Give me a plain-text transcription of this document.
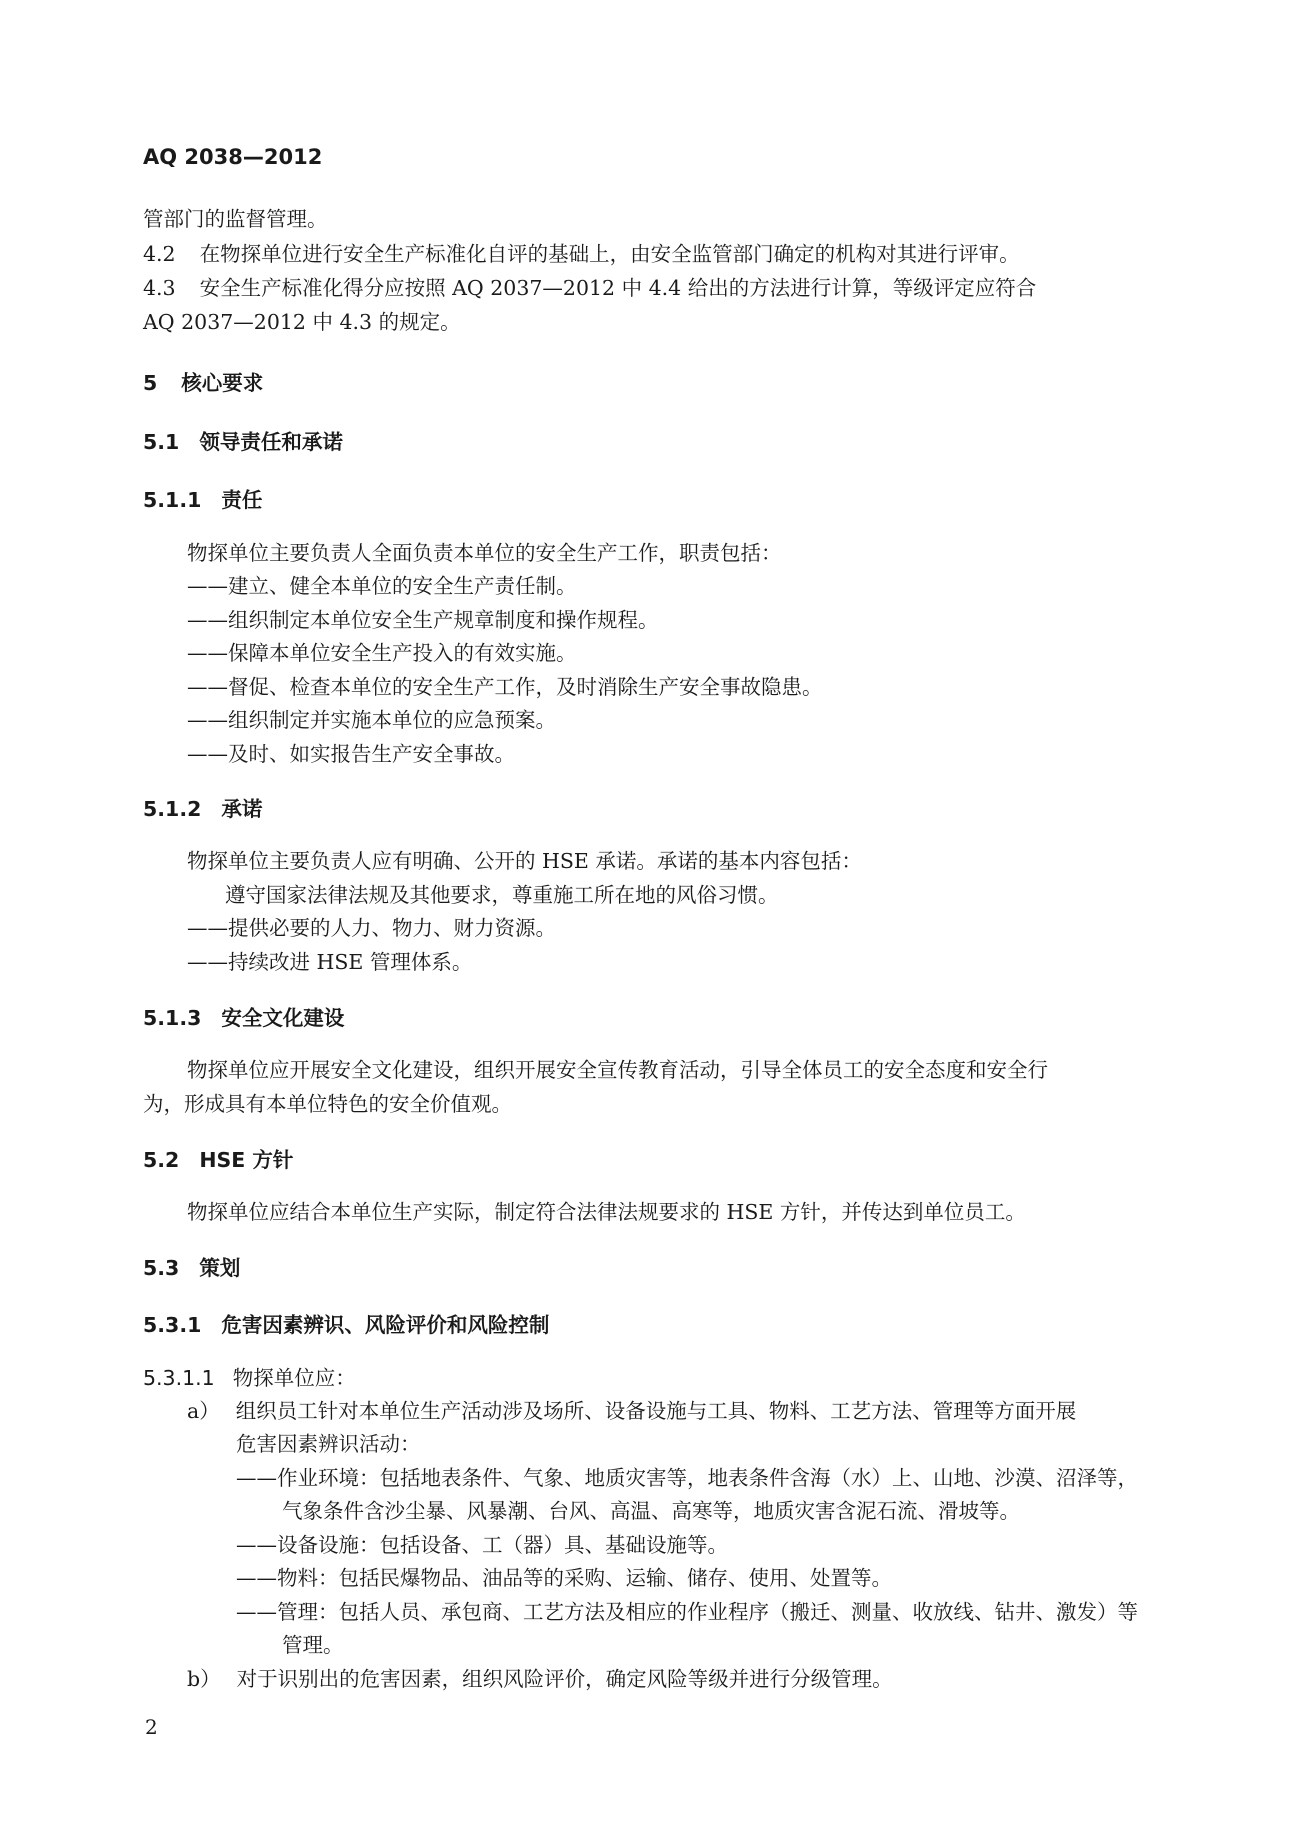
AQ 2038—2012
管部门的监督管理。
4.2 在物探单位进行安全生产标准化自评的基础上，由安全监管部门确定的机构对其进行评审。
4.3 安全生产标准化得分应按照 AQ 2037—2012 中 4.4 给出的方法进行计算，等级评定应符合
AQ 2037—2012 中 4.3 的规定。
5 核心要求
5.1 领导责任和承诺
5.1.1 责任
物探单位主要负责人全面负责本单位的安全生产工作，职责包括：
——建立、健全本单位的安全生产责任制。
——组织制定本单位安全生产规章制度和操作规程。
——保障本单位安全生产投入的有效实施。
——督促、检查本单位的安全生产工作，及时消除生产安全事故隐患。
——组织制定并实施本单位的应急预案。
——及时、如实报告生产安全事故。
5.1.2 承诺
物探单位主要负责人应有明确、公开的 HSE 承诺。承诺的基本内容包括：
遵守国家法律法规及其他要求，尊重施工所在地的风俗习惯。
——提供必要的人力、物力、财力资源。
——持续改进 HSE 管理体系。
5.1.3 安全文化建设
物探单位应开展安全文化建设，组织开展安全宣传教育活动，引导全体员工的安全态度和安全行
为，形成具有本单位特色的安全价值观。
5.2 HSE 方针
物探单位应结合本单位生产实际，制定符合法律法规要求的 HSE 方针，并传达到单位员工。
5.3 策划
5.3.1 危害因素辨识、风险评价和风险控制
5.3.1.1 物探单位应：
a） 组织员工针对本单位生产活动涉及场所、设备设施与工具、物料、工艺方法、管理等方面开展
危害因素辨识活动：
——作业环境：包括地表条件、气象、地质灾害等，地表条件含海（水）上、山地、沙漠、沼泽等，
气象条件含沙尘暴、风暴潮、台风、高温、高寒等，地质灾害含泥石流、滑坡等。
——设备设施：包括设备、工（器）具、基础设施等。
——物料：包括民爆物品、油品等的采购、运输、储存、使用、处置等。
——管理：包括人员、承包商、工艺方法及相应的作业程序（搬迁、测量、收放线、钻井、激发）等
管理。
b） 对于识别出的危害因素，组织风险评价，确定风险等级并进行分级管理。
2
